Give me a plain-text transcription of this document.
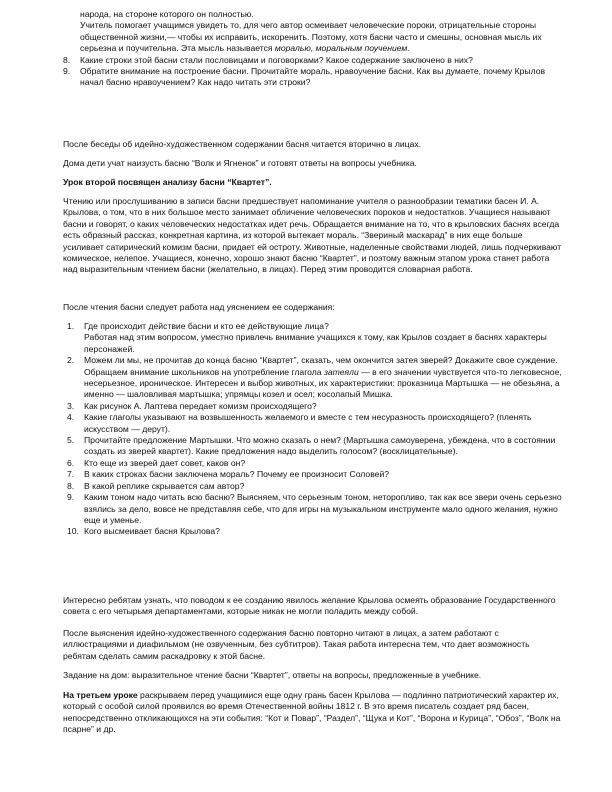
народа, на стороне которого он полностью.

Учитель помогает учащимся увидеть то, для чего автор осмеивает человеческие пороки, отрицательные стороны общественной жизни,— чтобы их исправить, искоренить. Поэтому, хотя басни часто и смешны, основная мысль их серьезна и поучительна. Эта мысль называется моралью, моральным поучением.

8. Какие строки этой басни стали пословицами и поговорками? Какое содержание заключено в них?
9. Обратите внимание на построение басни. Прочитайте мораль, нравоучение басни. Как вы думаете, почему Крылов начал басню нравоучением? Как надо читать эти строки?

После беседы об идейно-художественном содержании басня читается вторично в лицах.

Дома дети учат наизусть басню “Волк и Ягненок” и готовят ответы на вопросы учебника.

Урок второй посвящен анализу басни “Квартет”.

Чтению или прослушиванию в записи басни предшествует напоминание учителя о разнообразии тематики басен И. А. Крылова, о том, что в них большое место занимает обличение человеческих пороков и недостатков. Учащиеся называют басни и говорят, о каких человеческих недостатках идет речь. Обращается внимание на то, что в крыловских баснях всегда есть образный рассказ, конкретная картина, из которой вытекает мораль. “Звериный маскарад” в них еще больше усиливает сатирический комизм басни, придает ей остроту. Животные, наделенные свойствами людей, лишь подчеркивают комическое, нелепое. Учащиеся, конечно, хорошо знают басню “Квартет”, и поэтому важным этапом урока станет работа над выразительным чтением басни (желательно, в лицах). Перед этим проводится словарная работа.

После чтения басни следует работа над уяснением ее содержания:

1. Где происходит действие басни и кто ее действующие лица?
Работая над этим вопросом, уместно привлечь внимание учащихся к тому, как Крылов создает в баснях характеры персонажей.
2. Можем ли мы, не прочитав до конца басню “Квартет”, сказать, чем окончится затея зверей? Докажите свое суждение. Обращаем внимание школьников на употребление глагола затеяли — в его значении чувствуется что-то легковесное, несерьезное, ироническое. Интересен и выбор животных, их характеристики: проказница Мартышка — не обезьяна, а именно — шаловливая мартышка; упрямцы козел и осел; косолапый Мишка.
3. Как рисунок А. Лаптева передает комизм происходящего?
4. Какие глаголы указывают на возвышенность желаемого и вместе с тем несуразность происходящего? (пленять искусством — дерут).
5. Прочитайте предложение Мартышки. Что можно сказать о нем? (Мартышка самоуверена, убеждена, что в состоянии создать из зверей квартет). Какие предложения надо выделить голосом? (восклицательные).
6. Кто еще из зверей дает совет, каков он?
7. В каких строках басни заключена мораль? Почему ее произносит Соловей?
8. В какой реплике скрывается сам автор?
9. Каким тоном надо читать всю басню? Выясняем, что серьезным тоном, неторопливо, так как все звери очень серьезно взялись за дело, вовсе не представляя себе, что для игры на музыкальном инструменте мало одного желания, нужно еще и уменье.
10. Кого высмеивает басня Крылова?

Интересно ребятам узнать, что поводом к ее созданию явилось желание Крылова осмеять образование Государственного совета с его четырьмя департаментами, которые никак не могли поладить между собой.

После выяснения идейно-художественного содержания басню повторно читают в лицах, а затем работают с иллюстрациями и диафильмом (не озвученным, без субтитров). Такая работа интересна тем, что дает возможность ребятам сделать самим раскадровку к этой басне.

Задание на дом: выразительное чтение басни “Квартет”, ответы на вопросы, предложенные в учебнике.

На третьем уроке раскрываем перед учащимися еще одну грань басен Крылова — подлинно патриотический характер их, который с особой силой проявился во время Отечественной войны 1812 г. В это время писатель создает ряд басен, непосредственно откликающихся на эти события: “Кот и Повар”, “Раздел”, “Щука и Кот”, “Ворона и Курица”, “Обоз”, “Волк на псарне” и др.
